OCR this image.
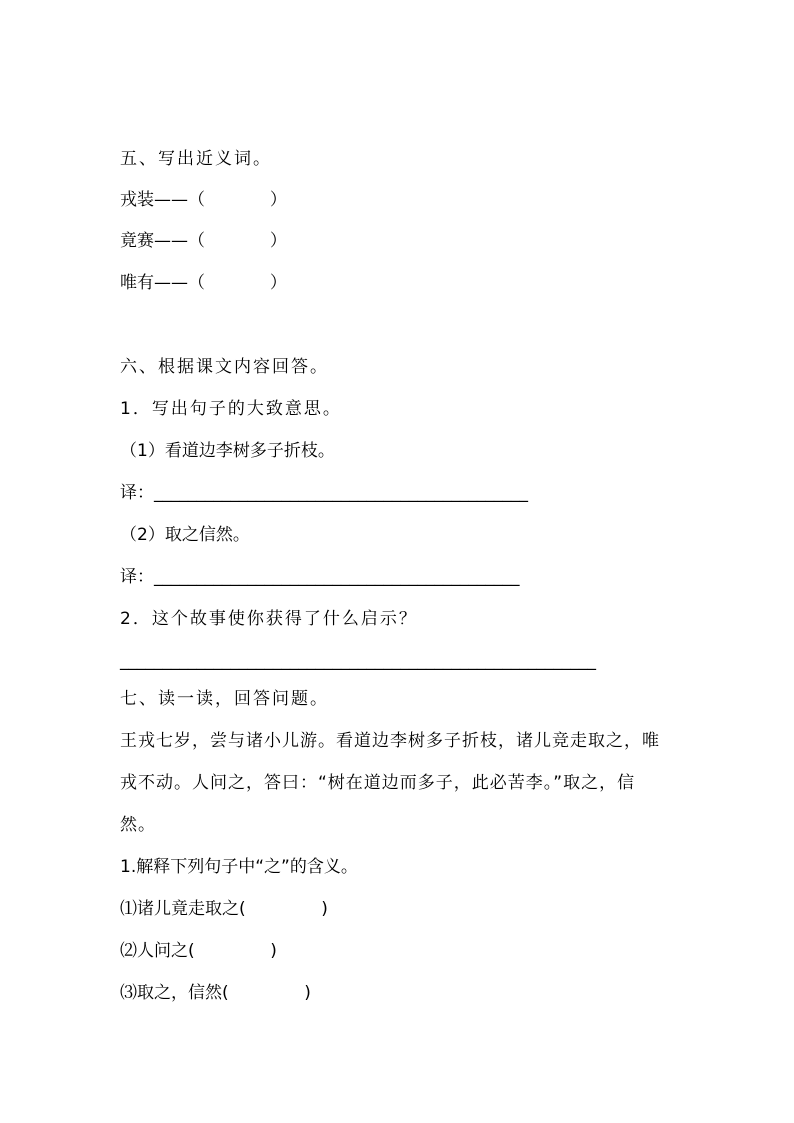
五、写出近义词。
戎装——（            ）
竟赛——（            ）
唯有——（            ）
六、根据课文内容回答。
1．写出句子的大致意思。
（1）看道边李树多子折枝。
译：____________________________________________
（2）取之信然。
译：___________________________________________
2．这个故事使你获得了什么启示？
________________________________________________________
七、读一读，回答问题。
王戎七岁，尝与诸小儿游。看道边李树多子折枝，诸儿竞走取之，唯
戎不动。人问之，答曰：“树在道边而多子，此必苦李。”取之，信
然。
1.解释下列句子中“之”的含义。
⑴诸儿竟走取之(              )
⑵人问之(              )
⑶取之，信然(              )
